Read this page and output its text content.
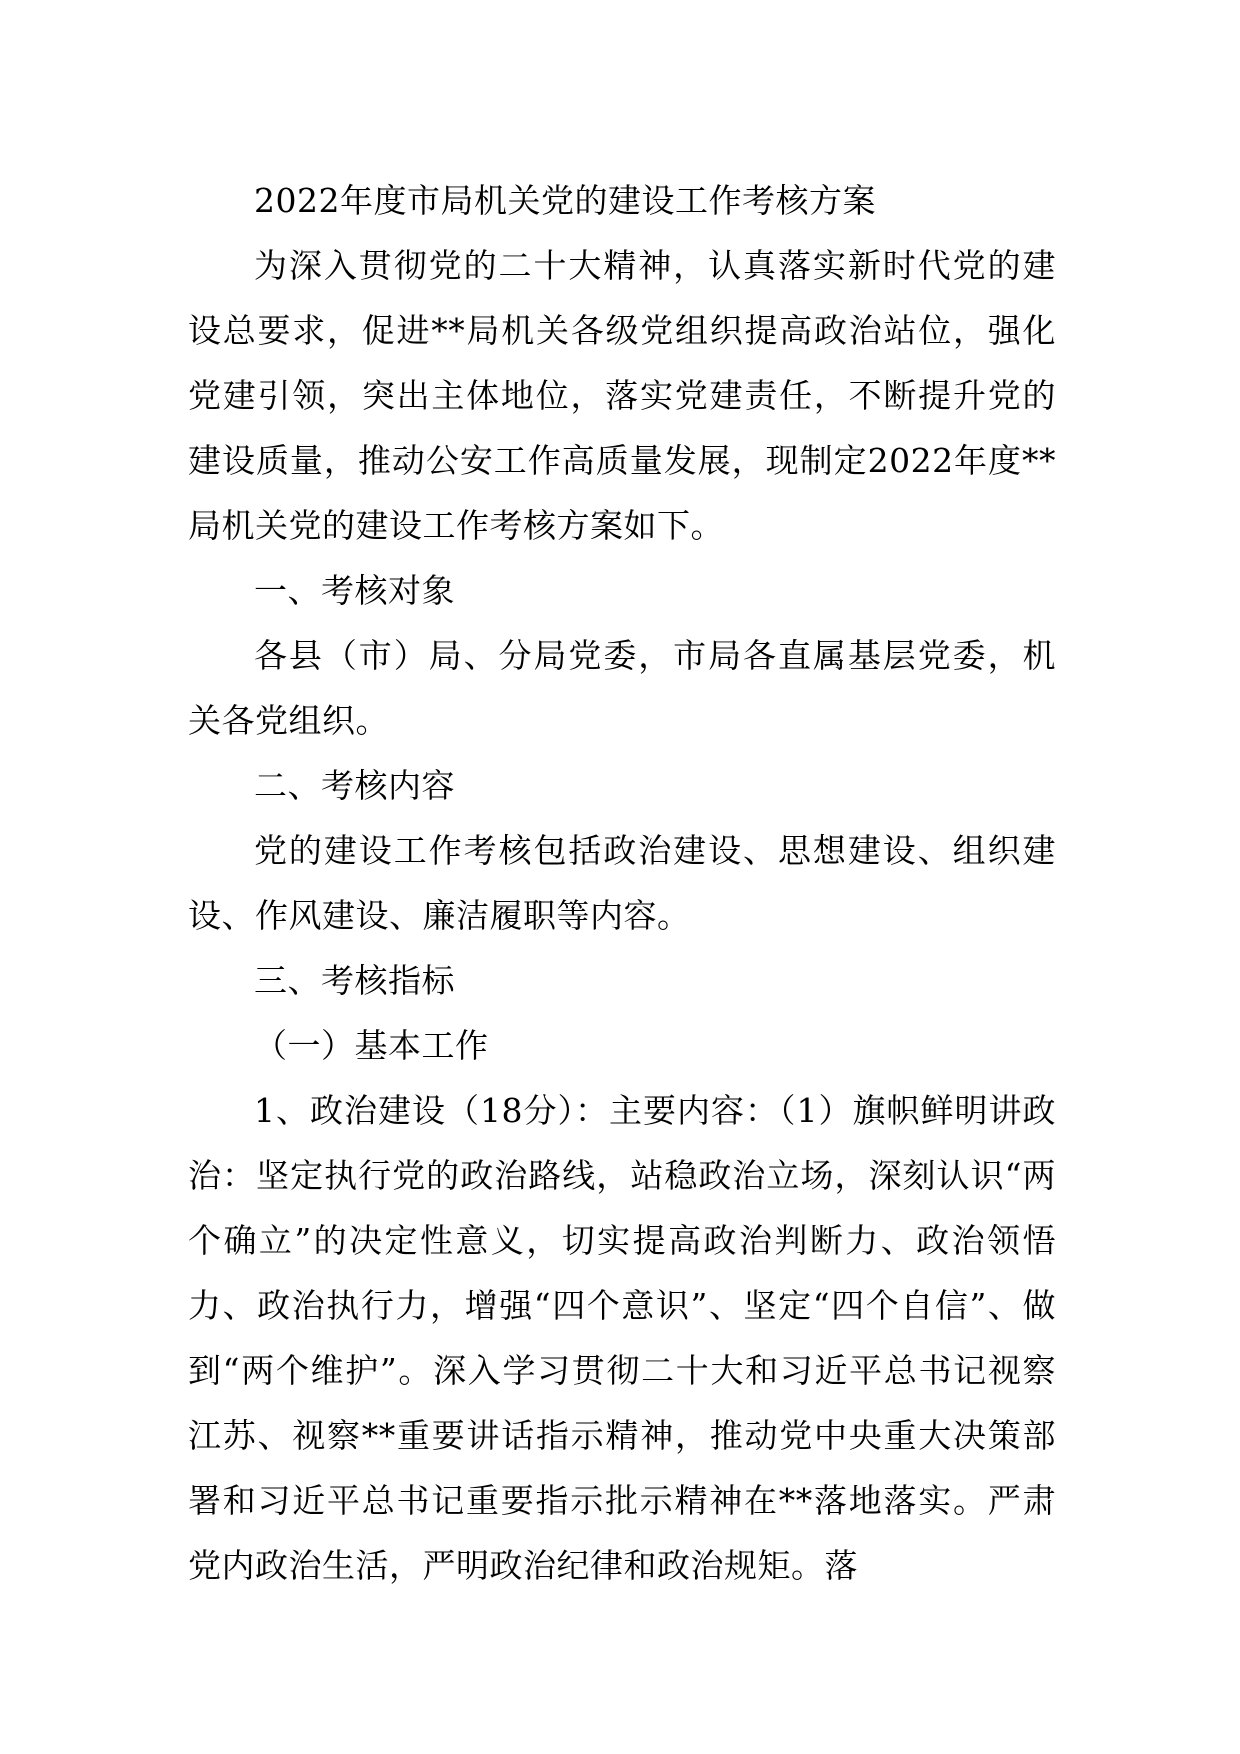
2022年度市局机关党的建设工作考核方案

为深入贯彻党的二十大精神，认真落实新时代党的建设总要求，促进**局机关各级党组织提高政治站位，强化党建引领，突出主体地位，落实党建责任，不断提升党的建设质量，推动公安工作高质量发展，现制定2022年度**局机关党的建设工作考核方案如下。

一、考核对象

各县（市）局、分局党委，市局各直属基层党委，机关各党组织。

二、考核内容

党的建设工作考核包括政治建设、思想建设、组织建设、作风建设、廉洁履职等内容。

三、考核指标

（一）基本工作

1、政治建设（18分）：主要内容：（1）旗帜鲜明讲政治：坚定执行党的政治路线，站稳政治立场，深刻认识“两个确立”的决定性意义，切实提高政治判断力、政治领悟力、政治执行力，增强“四个意识”、坚定“四个自信”、做到“两个维护”。深入学习贯彻二十大和习近平总书记视察江苏、视察**重要讲话指示精神，推动党中央重大决策部署和习近平总书记重要指示批示精神在**落地落实。严肃党内政治生活，严明政治纪律和政治规矩。落
